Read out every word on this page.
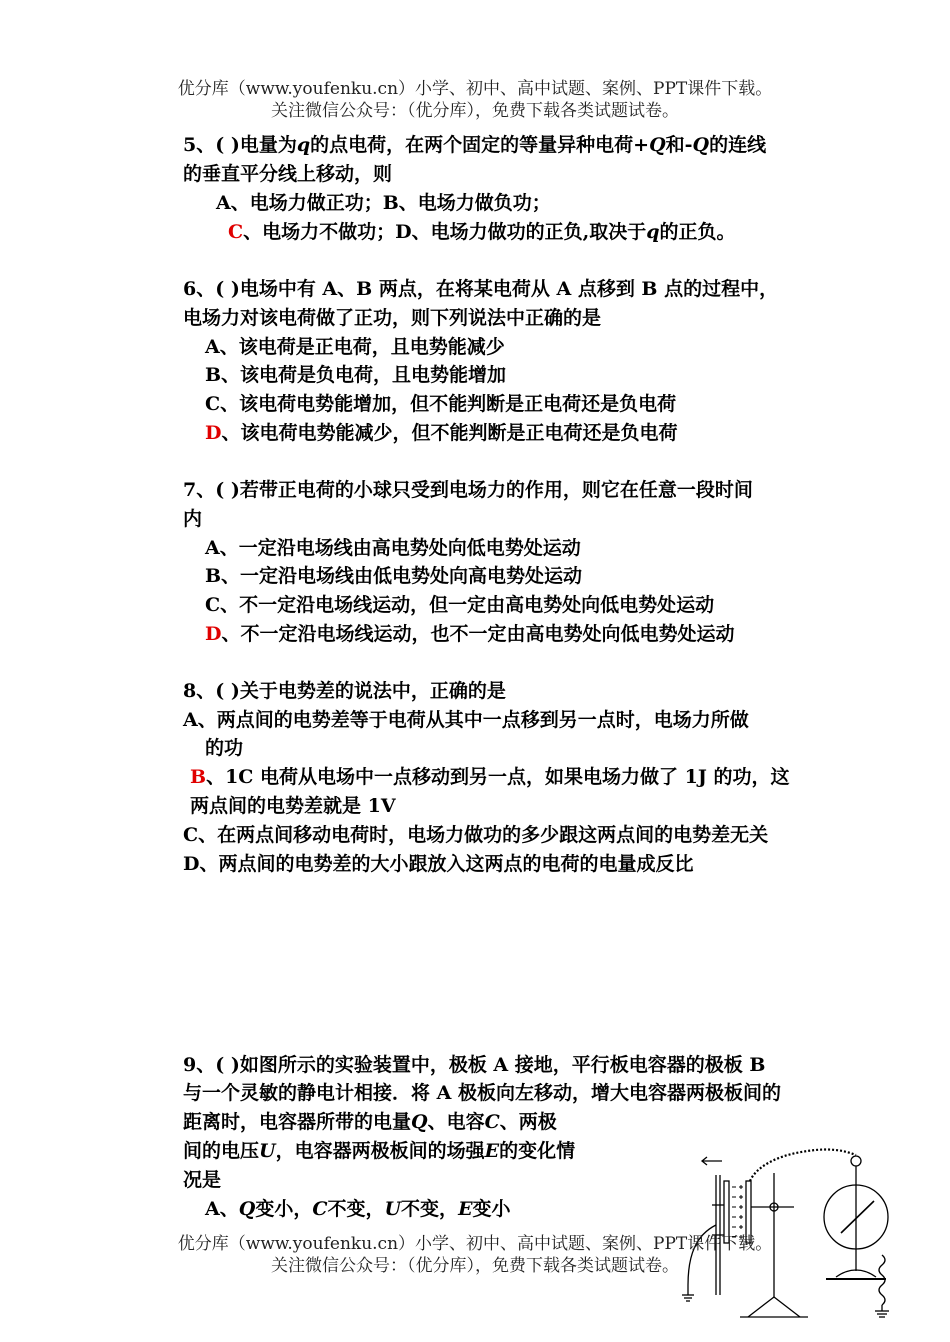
优分库（www.youfenku.cn）小学、初中、高中试题、案例、PPT课件下载。
关注微信公众号：（优分库），免费下载各类试题试卷。
5、( )电量为q的点电荷，在两个固定的等量异种电荷+Q和-Q的连线
的垂直平分线上移动，则
A、电场力做正功；B、电场力做负功；
C、电场力不做功；D、电场力做功的正负,取决于q的正负。
6、( )电场中有 A、B 两点，在将某电荷从 A 点移到 B 点的过程中，
电场力对该电荷做了正功，则下列说法中正确的是
A、该电荷是正电荷，且电势能减少
B、该电荷是负电荷，且电势能增加
C、该电荷电势能增加，但不能判断是正电荷还是负电荷
D、该电荷电势能减少，但不能判断是正电荷还是负电荷
7、( )若带正电荷的小球只受到电场力的作用，则它在任意一段时间
内
A、一定沿电场线由高电势处向低电势处运动
B、一定沿电场线由低电势处向高电势处运动
C、不一定沿电场线运动，但一定由高电势处向低电势处运动
D、不一定沿电场线运动，也不一定由高电势处向低电势处运动
8、( )关于电势差的说法中，正确的是
A、两点间的电势差等于电荷从其中一点移到另一点时，电场力所做
的功
B、1C 电荷从电场中一点移动到另一点，如果电场力做了 1J 的功，这
两点间的电势差就是 1V
C、在两点间移动电荷时，电场力做功的多少跟这两点间的电势差无关
D、两点间的电势差的大小跟放入这两点的电荷的电量成反比
9、( )如图所示的实验装置中，极板 A 接地，平行板电容器的极板 B
与一个灵敏的静电计相接．将 A 极板向左移动，增大电容器两极板间的
距离时，电容器所带的电量Q、电容C、两极
间的电压U，电容器两极板间的场强E的变化情
况是
A、Q变小，C不变，U不变，E变小
优分库（www.youfenku.cn）小学、初中、高中试题、案例、PPT课件下载。
关注微信公众号：（优分库），免费下载各类试题试卷。
